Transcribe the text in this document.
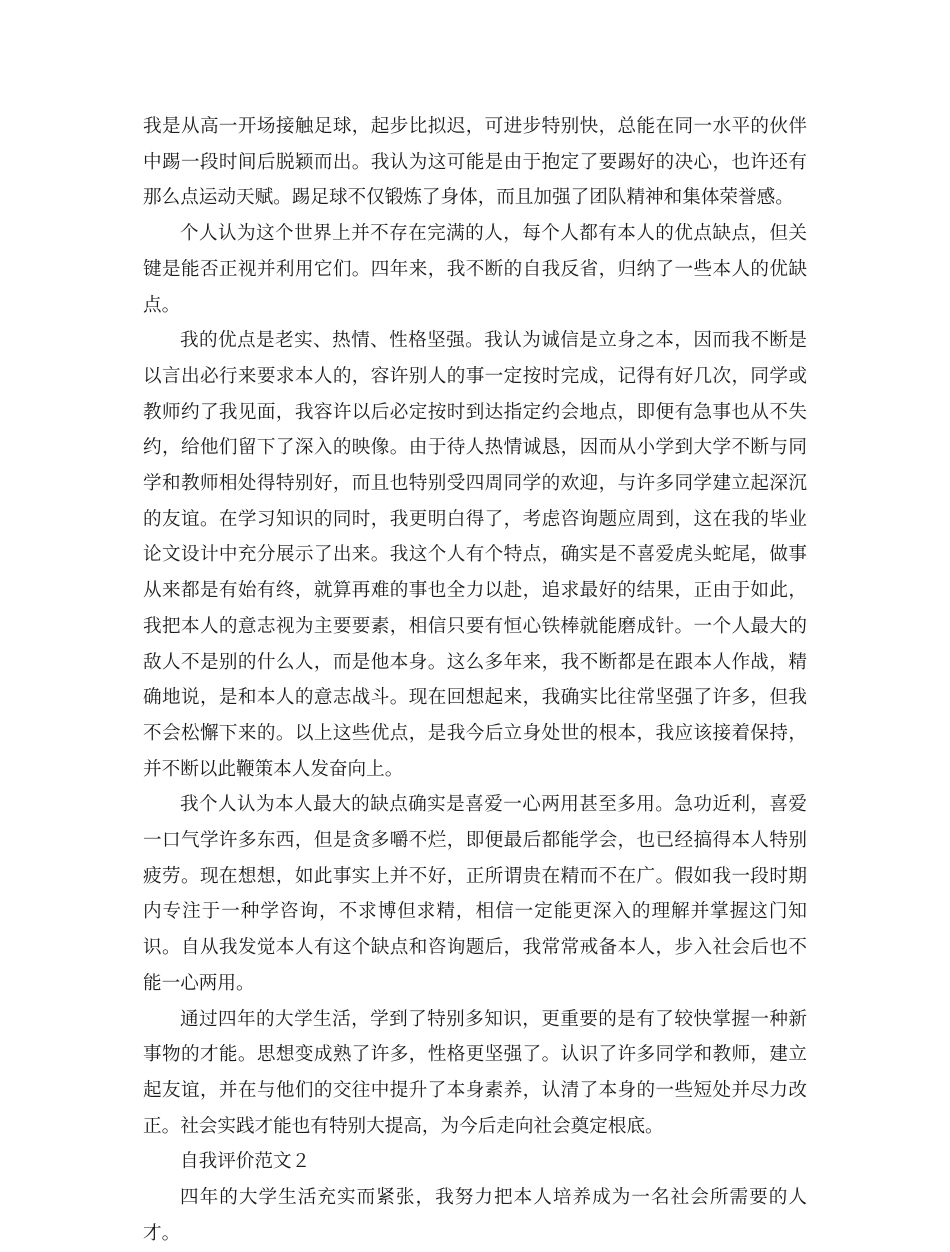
我是从高一开场接触足球，起步比拟迟，可进步特别快，总能在同一水平的伙伴中踢一段时间后脱颖而出。我认为这可能是由于抱定了要踢好的决心，也许还有那么点运动天赋。踢足球不仅锻炼了身体，而且加强了团队精神和集体荣誉感。

个人认为这个世界上并不存在完满的人，每个人都有本人的优点缺点，但关键是能否正视并利用它们。四年来，我不断的自我反省，归纳了一些本人的优缺点。

我的优点是老实、热情、性格坚强。我认为诚信是立身之本，因而我不断是以言出必行来要求本人的，容许别人的事一定按时完成，记得有好几次，同学或教师约了我见面，我容许以后必定按时到达指定约会地点，即便有急事也从不失约，给他们留下了深入的映像。由于待人热情诚恳，因而从小学到大学不断与同学和教师相处得特别好，而且也特别受四周同学的欢迎，与许多同学建立起深沉的友谊。在学习知识的同时，我更明白得了，考虑咨询题应周到，这在我的毕业论文设计中充分展示了出来。我这个人有个特点，确实是不喜爱虎头蛇尾，做事从来都是有始有终，就算再难的事也全力以赴，追求最好的结果，正由于如此，我把本人的意志视为主要要素，相信只要有恒心铁棒就能磨成针。一个人最大的敌人不是别的什么人，而是他本身。这么多年来，我不断都是在跟本人作战，精确地说，是和本人的意志战斗。现在回想起来，我确实比往常坚强了许多，但我不会松懈下来的。以上这些优点，是我今后立身处世的根本，我应该接着保持，并不断以此鞭策本人发奋向上。

我个人认为本人最大的缺点确实是喜爱一心两用甚至多用。急功近利，喜爱一口气学许多东西，但是贪多嚼不烂，即便最后都能学会，也已经搞得本人特别疲劳。现在想想，如此事实上并不好，正所谓贵在精而不在广。假如我一段时期内专注于一种学咨询，不求博但求精，相信一定能更深入的理解并掌握这门知识。自从我发觉本人有这个缺点和咨询题后，我常常戒备本人，步入社会后也不能一心两用。

通过四年的大学生活，学到了特别多知识，更重要的是有了较快掌握一种新事物的才能。思想变成熟了许多，性格更坚强了。认识了许多同学和教师，建立起友谊，并在与他们的交往中提升了本身素养，认清了本身的一些短处并尽力改正。社会实践才能也有特别大提高，为今后走向社会奠定根底。

自我评价范文２

四年的大学生活充实而紧张，我努力把本人培养成为一名社会所需要的人才。
